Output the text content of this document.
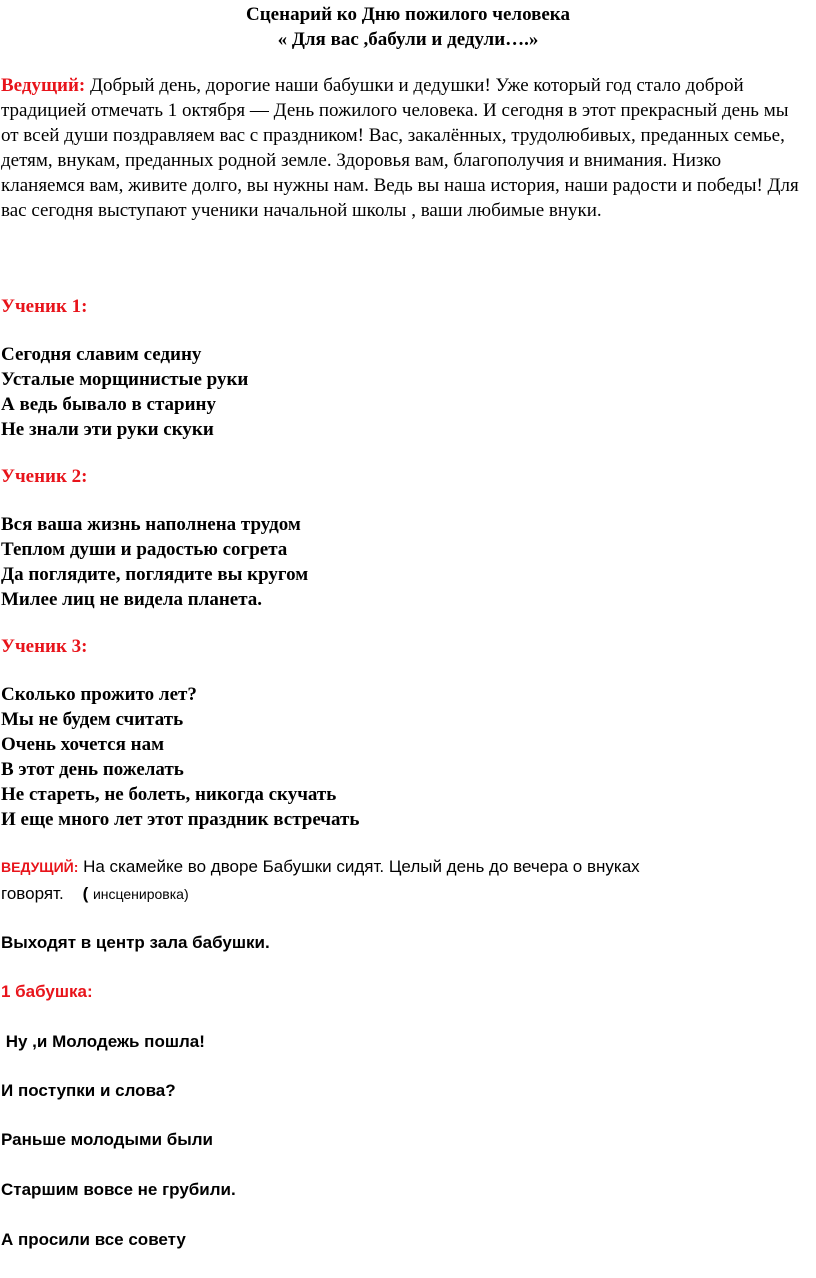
Сценарий ко Дню пожилого человека
« Для вас ,бабули и дедули….»
Ведущий: Добрый день, дорогие наши бабушки и дедушки! Уже который год стало доброй традицией отмечать 1 октября — День пожилого человека. И сегодня в этот прекрасный день мы от всей души поздравляем вас с праздником! Вас, закалённых, трудолюбивых, преданных семье, детям, внукам, преданных родной земле. Здоровья вам, благополучия и внимания. Низко кланяемся вам, живите долго, вы нужны нам. Ведь вы наша история, наши радости и победы! Для вас сегодня выступают ученики начальной школы , ваши любимые внуки.
Ученик 1:
Сегодня славим седину
Усталые морщинистые руки
А ведь бывало в старину
Не знали эти руки скуки
Ученик 2:
Вся ваша жизнь наполнена трудом
Теплом души и радостью согрета
Да поглядите, поглядите вы кругом
Милее лиц не видела планета.
Ученик 3:
Сколько прожито лет?
Мы не будем считать
Очень хочется нам
В этот день пожелать
Не стареть, не болеть, никогда скучать
И еще много лет этот праздник встречать
ВЕДУЩИЙ: На скамейке во дворе Бабушки сидят. Целый день до вечера о внуках
говорят. ( инсценировка)
Выходят в центр зала бабушки.
1 бабушка:
Ну ,и Молодежь пошла!
И поступки и слова?
Раньше молодыми были
Старшим вовсе не грубили.
А просили все совету
